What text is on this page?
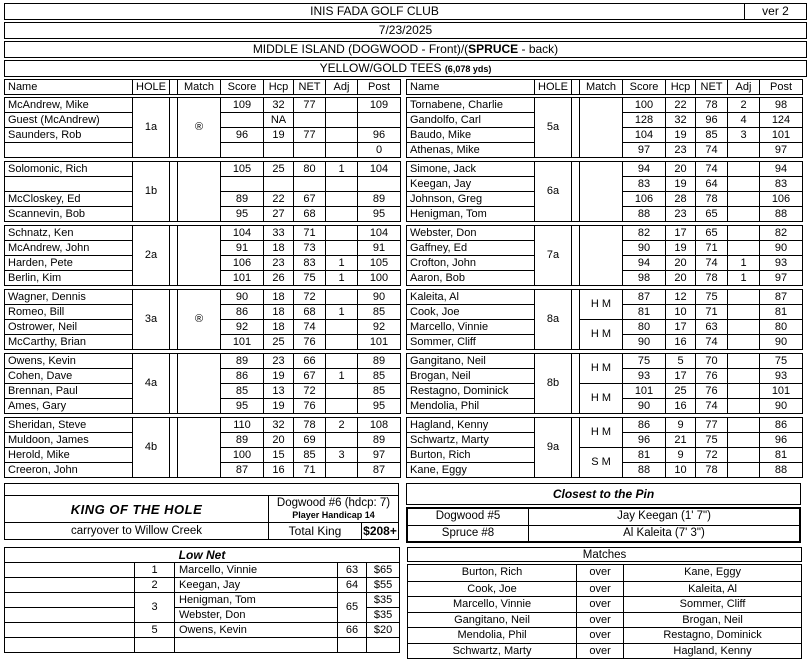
INIS FADA GOLF CLUB	ver 2
7/23/2025
MIDDLE ISLAND (DOGWOOD - Front)/(SPRUCE - back)
YELLOW/GOLD TEES (6,078 yds)
Name	HOLE		Match	Score	Hcp	NET	Adj	Post
McAndrew, Mike	1a		®	109	32	77		109
Guest (McAndrew)					NA			
Saunders, Rob				96	19	77		96
								0
Solomonic, Rich	1b			105	25	80	1	104

McCloskey, Ed				89	22	67		89
Scannevin, Bob				95	27	68		95
Schnatz, Ken	2a			104	33	71		104
McAndrew, John				91	18	73		91
Harden, Pete				106	23	83	1	105
Berlin, Kim				101	26	75	1	100
Wagner, Dennis	3a		®	90	18	72		90
Romeo, Bill				86	18	68	1	85
Ostrower, Neil				92	18	74		92
McCarthy, Brian				101	25	76		101
Owens, Kevin	4a			89	23	66		89
Cohen, Dave				86	19	67	1	85
Brennan, Paul				85	13	72		85
Ames, Gary				95	19	76		95
Sheridan, Steve	4b			110	32	78	2	108
Muldoon, James				89	20	69		89
Herold, Mike				100	15	85	3	97
Creeron, John				87	16	71		87
Name	HOLE		Match	Score	Hcp	NET	Adj	Post
Tornabene, Charlie	5a			100	22	78	2	98
Gandolfo, Carl				128	32	96	4	124
Baudo, Mike				104	19	85	3	101
Athenas, Mike				97	23	74		97
Simone, Jack	6a			94	20	74		94
Keegan, Jay				83	19	64		83
Johnson, Greg				106	28	78		106
Henigman, Tom				88	23	65		88
Webster, Don	7a			82	17	65		82
Gaffney, Ed				90	19	71		90
Crofton, John				94	20	74	1	93
Aaron, Bob				98	20	78	1	97
Kaleita, Al	8a		H M	87	12	75		87
Cook, Joe				81	10	71		81
Marcello, Vinnie			H M	80	17	63		80
Sommer, Cliff				90	16	74		90
Gangitano, Neil	8b		H M	75	5	70		75
Brogan, Neil				93	17	76		93
Restagno, Dominick			H M	101	25	76		101
Mendolia, Phil				90	16	74		90
Hagland, Kenny	9a		H M	86	9	77		86
Schwartz, Marty				96	21	75		96
Burton, Rich			S M	81	9	72		81
Kane, Eggy				88	10	78		88
KING OF THE HOLE	Dogwood #6 (hdcp: 7)
Player Handicap 14
carryover to Willow Creek	Total King	$208+
Closest to the Pin
Dogwood #5	Jay Keegan (1' 7")
Spruce #8	Al Kaleita (7' 3")
Low Net				
	1	Marcello, Vinnie	63	$65
	2	Keegan, Jay	64	$55
	3	Henigman, Tom	65	$35
		Webster, Don		$35
	5	Owens, Kevin	66	$20

Matches
Burton, Rich	over	Kane, Eggy
Cook, Joe	over	Kaleita, Al
Marcello, Vinnie	over	Sommer, Cliff
Gangitano, Neil	over	Brogan, Neil
Mendolia, Phil	over	Restagno, Dominick
Schwartz, Marty	over	Hagland, Kenny
